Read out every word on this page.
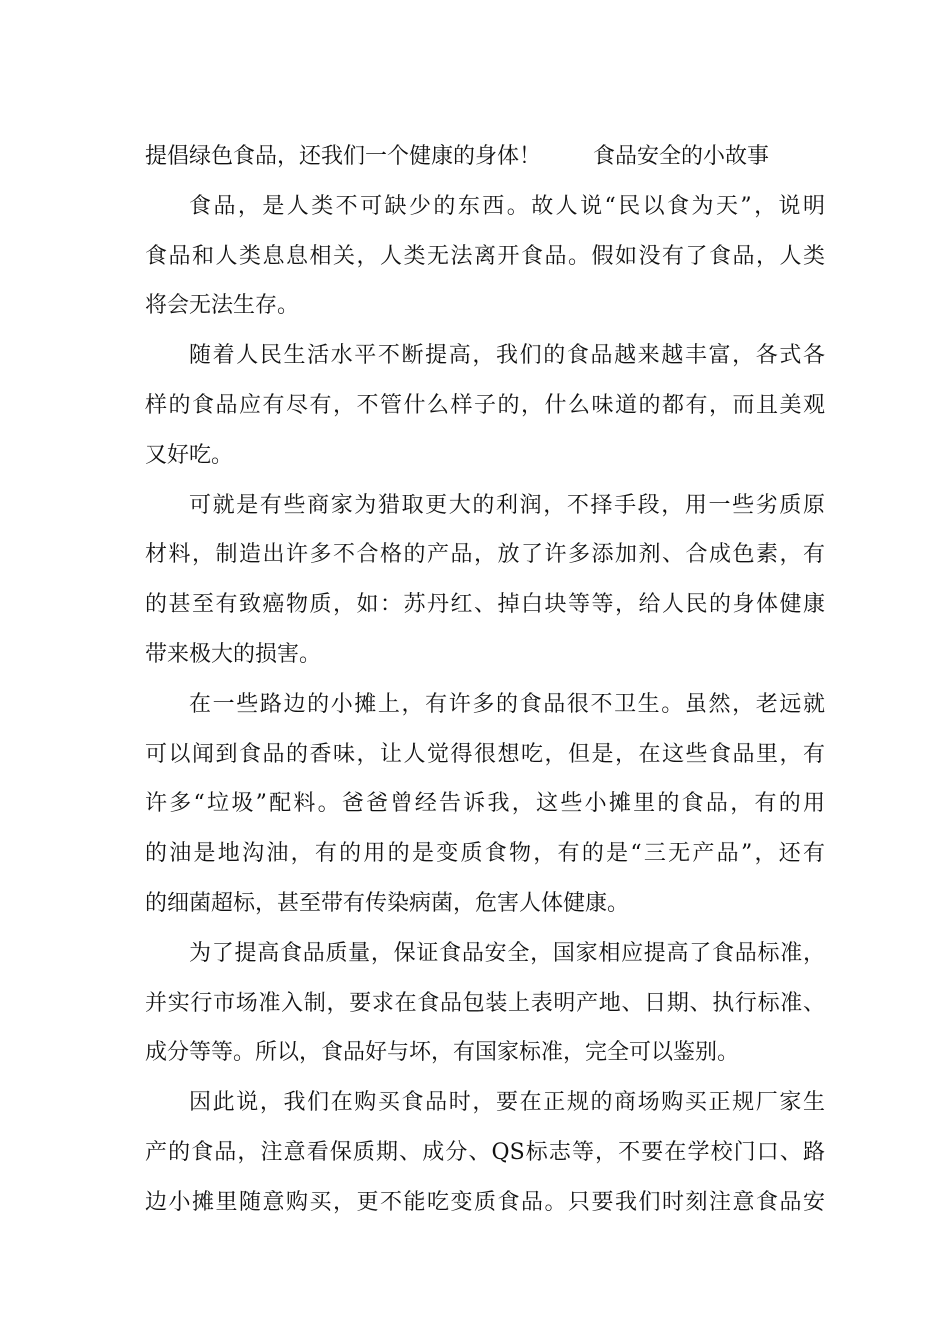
提倡绿色食品，还我们一个健康的身体！ 食品安全的小故事
食品，是人类不可缺少的东西。故人说“民以食为天”，说明
食品和人类息息相关，人类无法离开食品。假如没有了食品，人类
将会无法生存。
随着人民生活水平不断提高，我们的食品越来越丰富，各式各
样的食品应有尽有，不管什么样子的，什么味道的都有，而且美观
又好吃。
可就是有些商家为猎取更大的利润，不择手段，用一些劣质原
材料，制造出许多不合格的产品，放了许多添加剂、合成色素，有
的甚至有致癌物质，如：苏丹红、掉白块等等，给人民的身体健康
带来极大的损害。
在一些路边的小摊上，有许多的食品很不卫生。虽然，老远就
可以闻到食品的香味，让人觉得很想吃，但是，在这些食品里，有
许多“垃圾”配料。爸爸曾经告诉我，这些小摊里的食品，有的用
的油是地沟油，有的用的是变质食物，有的是“三无产品”，还有
的细菌超标，甚至带有传染病菌，危害人体健康。
为了提高食品质量，保证食品安全，国家相应提高了食品标准，
并实行市场准入制，要求在食品包装上表明产地、日期、执行标准、
成分等等。所以，食品好与坏，有国家标准，完全可以鉴别。
因此说，我们在购买食品时，要在正规的商场购买正规厂家生
产的食品，注意看保质期、成分、QS标志等，不要在学校门口、路
边小摊里随意购买，更不能吃变质食品。只要我们时刻注意食品安
